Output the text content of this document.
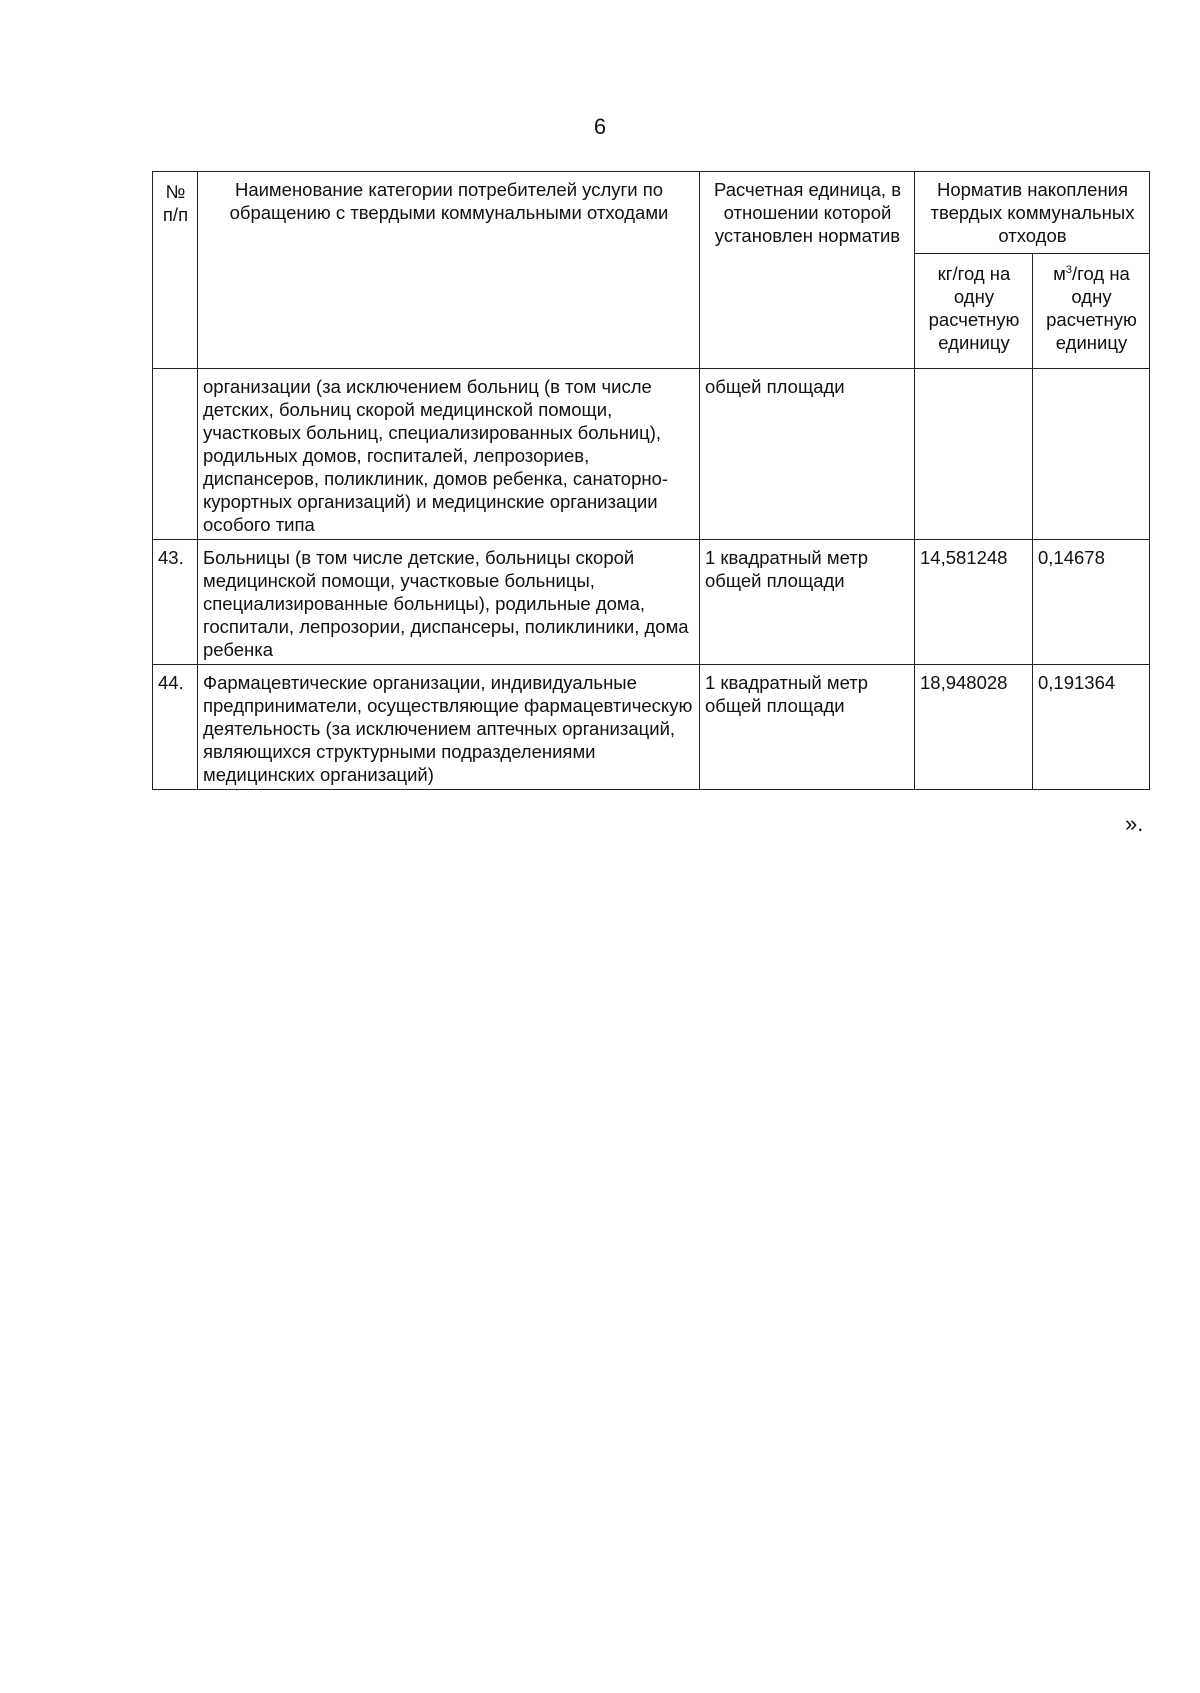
6
№ п/п	Наименование категории потребителей услуги по обращению с твердыми коммунальными отходами	Расчетная единица, в отношении которой установлен норматив	Норматив накопления твердых коммунальных отходов	
			кг/год на одну расчетную единицу	$м^3$/год на одну расчетную единицу
	организации (за исключением больниц (в том числе детских, больниц скорой медицинской помощи, участковых больниц, специализированных больниц), родильных домов, госпиталей, лепрозориев, диспансеров, поликлиник, домов ребенка, санаторно-курортных организаций) и медицинские организации особого типа	общей площади		
43.	Больницы (в том числе детские, больницы скорой медицинской помощи, участковые больницы, специализированные больницы), родильные дома, госпитали, лепрозории, диспансеры, поликлиники, дома ребенка	1 квадратный метр общей площади	14,581248	0,14678
44.	Фармацевтические организации, индивидуальные предприниматели, осуществляющие фармацевтическую деятельность (за исключением аптечных организаций, являющихся структурными подразделениями медицинских организаций)	1 квадратный метр общей площади	18,948028	0,191364
».
